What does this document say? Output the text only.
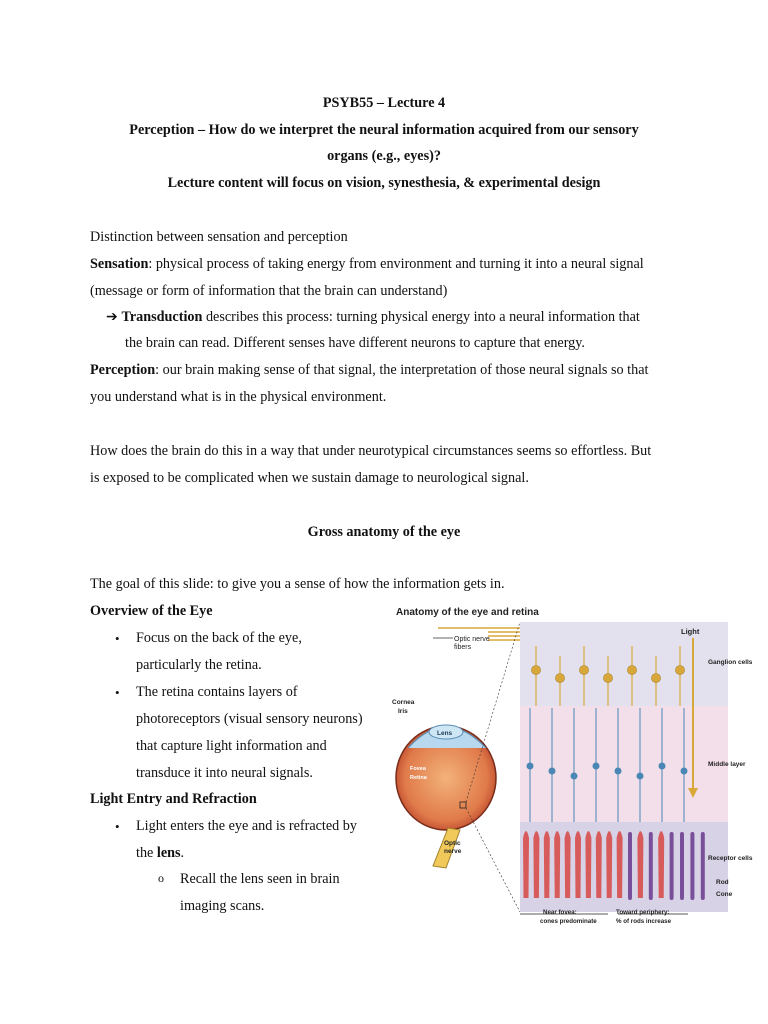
PSYB55 – Lecture 4
Perception – How do we interpret the neural information acquired from our sensory
organs (e.g., eyes)?
Lecture content will focus on vision, synesthesia, & experimental design
Distinction between sensation and perception
Sensation: physical process of taking energy from environment and turning it into a neural signal
(message or form of information that the brain can understand)
➔ Transduction describes this process: turning physical energy into a neural information that
the brain can read. Different senses have different neurons to capture that energy.
Perception: our brain making sense of that signal, the interpretation of those neural signals so that
you understand what is in the physical environment.
How does the brain do this in a way that under neurotypical circumstances seems so effortless. But
is exposed to be complicated when we sustain damage to neurological signal.
Gross anatomy of the eye
The goal of this slide: to give you a sense of how the information gets in.
Overview of the Eye
• Focus on the back of the eye,
particularly the retina.
• The retina contains layers of
photoreceptors (visual sensory neurons)
that capture light information and
transduce it into neural signals.
Light Entry and Refraction
• Light enters the eye and is refracted by
the lens.
o Recall the lens seen in brain
imaging scans.
Anatomy of the eye and retina
Optic nerve
fibers
Light
Lens
Cornea
Iris
Fovea
Retina
Optic
nerve
Ganglion cells
Middle layer
Receptor cells
Rod
Cone
Near fovea:
cones predominate
Toward periphery:
% of rods increase
